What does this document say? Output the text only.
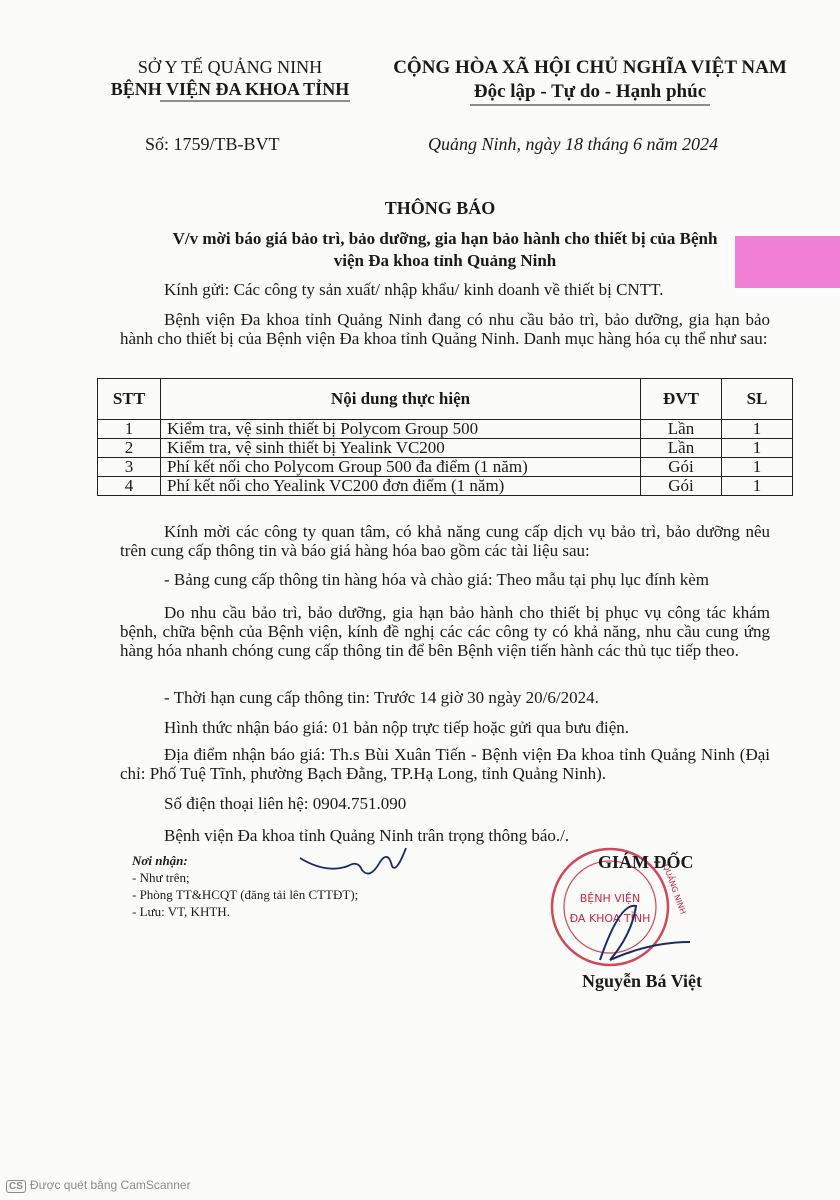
SỞ Y TẾ QUẢNG NINH
BỆNH VIỆN ĐA KHOA TỈNH
CỘNG HÒA XÃ HỘI CHỦ NGHĨA VIỆT NAM
Độc lập - Tự do - Hạnh phúc
Số: 1759/TB-BVT	Quảng Ninh, ngày 18 tháng 6 năm 2024
THÔNG BÁO
V/v mời báo giá bảo trì, bảo dưỡng, gia hạn bảo hành cho thiết bị của Bệnh
viện Đa khoa tỉnh Quảng Ninh
Kính gửi: Các công ty sản xuất/ nhập khẩu/ kinh doanh về thiết bị CNTT.
Bệnh viện Đa khoa tỉnh Quảng Ninh đang có nhu cầu bảo trì, bảo dưỡng, gia hạn bảo hành cho thiết bị của Bệnh viện Đa khoa tỉnh Quảng Ninh. Danh mục hàng hóa cụ thể như sau:
STT	Nội dung thực hiện	ĐVT	SL
1	Kiểm tra, vệ sinh thiết bị Polycom Group 500	Lần	1
2	Kiểm tra, vệ sinh thiết bị Yealink VC200	Lần	1
3	Phí kết nối cho Polycom Group 500 đa điểm (1 năm)	Gói	1
4	Phí kết nối cho Yealink VC200 đơn điểm (1 năm)	Gói	1
Kính mời các công ty quan tâm, có khả năng cung cấp dịch vụ bảo trì, bảo dưỡng nêu trên cung cấp thông tin và báo giá hàng hóa bao gồm các tài liệu sau:
- Bảng cung cấp thông tin hàng hóa và chào giá: Theo mẫu tại phụ lục đính kèm
Do nhu cầu bảo trì, bảo dưỡng, gia hạn bảo hành cho thiết bị phục vụ công tác khám bệnh, chữa bệnh của Bệnh viện, kính đề nghị các các công ty có khả năng, nhu cầu cung ứng hàng hóa nhanh chóng cung cấp thông tin để bên Bệnh viện tiến hành các thủ tục tiếp theo.
- Thời hạn cung cấp thông tin: Trước 14 giờ 30 ngày 20/6/2024.
Hình thức nhận báo giá: 01 bản nộp trực tiếp hoặc gửi qua bưu điện.
Địa điểm nhận báo giá: Th.s Bùi Xuân Tiến - Bệnh viện Đa khoa tỉnh Quảng Ninh (Đại chỉ: Phố Tuệ Tĩnh, phường Bạch Đằng, TP.Hạ Long, tỉnh Quảng Ninh).
Số điện thoại liên hệ: 0904.751.090
Bệnh viện Đa khoa tỉnh Quảng Ninh trân trọng thông báo./.
Nơi nhận:
- Như trên;
- Phòng TT&HCQT (đăng tải lên CTTĐT);
- Lưu: VT, KHTH.
BỆNH VIỆN
ĐA KHOA TỈNH
QUẢNG NINH
GIÁM ĐỐC
Nguyễn Bá Việt
CS Được quét bằng CamScanner
